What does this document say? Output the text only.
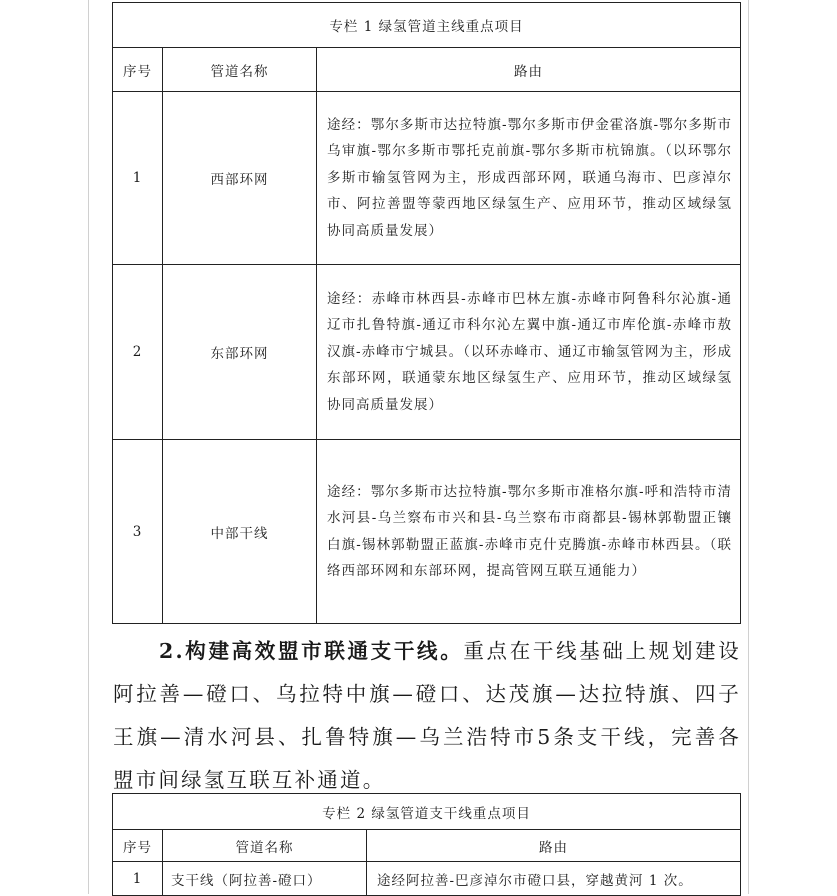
专栏 1 绿氢管道主线重点项目		
序号	管道名称	路由
1	西部环网	途经：鄂尔多斯市达拉特旗-鄂尔多斯市伊金霍洛旗-鄂尔多斯市乌审旗-鄂尔多斯市鄂托克前旗-鄂尔多斯市杭锦旗。（以环鄂尔多斯市输氢管网为主，形成西部环网，联通乌海市、巴彦淖尔市、阿拉善盟等蒙西地区绿氢生产、应用环节，推动区域绿氢协同高质量发展）
2	东部环网	途经：赤峰市林西县-赤峰市巴林左旗-赤峰市阿鲁科尔沁旗-通辽市扎鲁特旗-通辽市科尔沁左翼中旗-通辽市库伦旗-赤峰市敖汉旗-赤峰市宁城县。（以环赤峰市、通辽市输氢管网为主，形成东部环网，联通蒙东地区绿氢生产、应用环节，推动区域绿氢协同高质量发展）
3	中部干线	途经：鄂尔多斯市达拉特旗-鄂尔多斯市准格尔旗-呼和浩特市清水河县-乌兰察布市兴和县-乌兰察布市商都县-锡林郭勒盟正镶白旗-锡林郭勒盟正蓝旗-赤峰市克什克腾旗-赤峰市林西县。（联络西部环网和东部环网，提高管网互联互通能力）

2.构建高效盟市联通支干线。重点在干线基础上规划建设阿拉善—磴口、乌拉特中旗—磴口、达茂旗—达拉特旗、四子王旗—清水河县、扎鲁特旗—乌兰浩特市5条支干线，完善各盟市间绿氢互联互补通道。

专栏 2 绿氢管道支干线重点项目		
序号	管道名称	路由
1	支干线（阿拉善-磴口）	途经阿拉善-巴彦淖尔市磴口县，穿越黄河 1 次。
